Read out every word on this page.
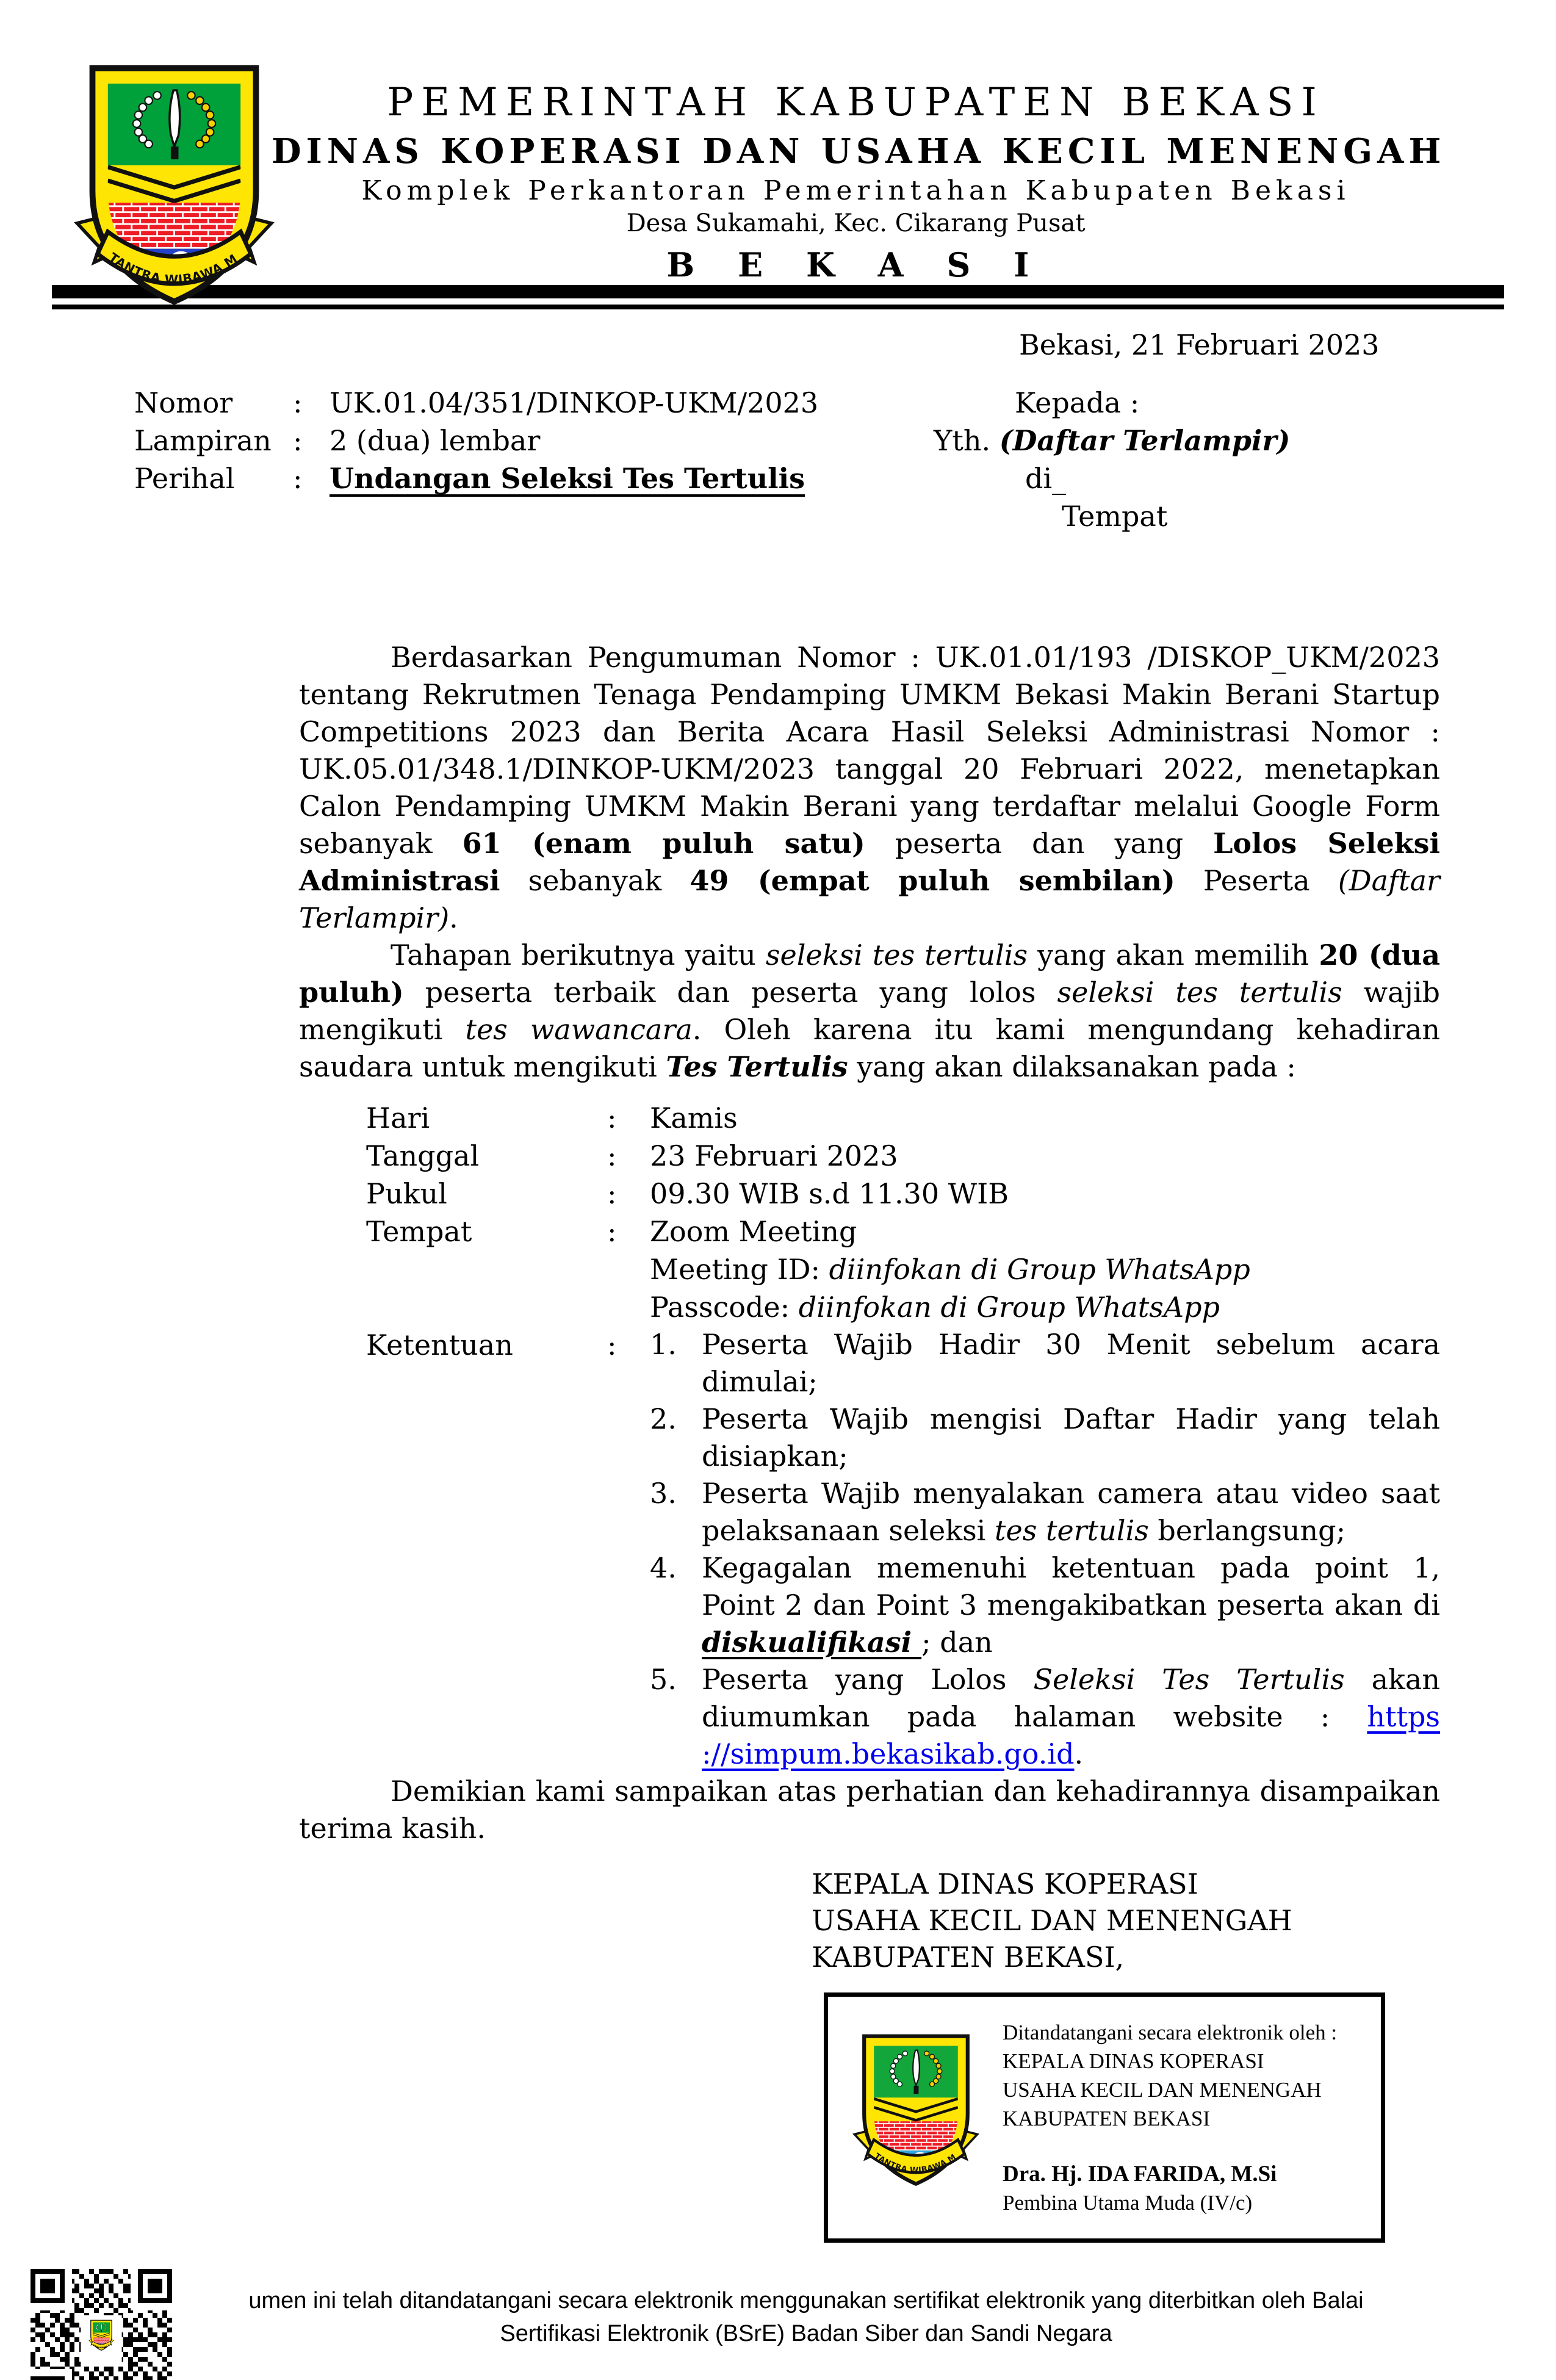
PEMERINTAH KABUPATEN BEKASI
DINAS KOPERASI DAN USAHA KECIL MENENGAH
Komplek Perkantoran Pemerintahan Kabupaten Bekasi
Desa Sukamahi, Kec. Cikarang Pusat
B E K A S I
Bekasi, 21 Februari 2023
Nomor	: UK.01.04/351/DINKOP-UKM/2023
Lampiran : 2 (dua) lembar
Perihal	: Undangan Seleksi Tes Tertulis
Kepada :
Yth. (Daftar Terlampir)
di_
Tempat

Berdasarkan Pengumuman Nomor : UK.01.01/193 /DISKOP_UKM/2023 tentang Rekrutmen Tenaga Pendamping UMKM Bekasi Makin Berani Startup Competitions 2023 dan Berita Acara Hasil Seleksi Administrasi Nomor : UK.05.01/348.1/DINKOP-UKM/2023 tanggal 20 Februari 2022, menetapkan Calon Pendamping UMKM Makin Berani yang terdaftar melalui Google Form sebanyak 61 (enam puluh satu) peserta dan yang Lolos Seleksi Administrasi sebanyak 49 (empat puluh sembilan) Peserta (Daftar Terlampir).

Tahapan berikutnya yaitu seleksi tes tertulis yang akan memilih 20 (dua puluh) peserta terbaik dan peserta yang lolos seleksi tes tertulis wajib mengikuti tes wawancara. Oleh karena itu kami mengundang kehadiran saudara untuk mengikuti Tes Tertulis yang akan dilaksanakan pada :

Hari	:	Kamis
Tanggal	:	23 Februari 2023
Pukul	:	09.30 WIB s.d 11.30 WIB
Tempat	:	Zoom Meeting
Meeting ID: diinfokan di Group WhatsApp
Passcode: diinfokan di Group WhatsApp
Ketentuan	:	1. Peserta Wajib Hadir 30 Menit sebelum acara dimulai;
2. Peserta Wajib mengisi Daftar Hadir yang telah disiapkan;
3. Peserta Wajib menyalakan camera atau video saat pelaksanaan seleksi tes tertulis berlangsung;
4. Kegagalan memenuhi ketentuan pada point 1, Point 2 dan Point 3 mengakibatkan peserta akan di diskualifikasi ; dan
5. Peserta yang Lolos Seleksi Tes Tertulis akan diumumkan pada halaman website : https ://simpum.bekasikab.go.id.

Demikian kami sampaikan atas perhatian dan kehadirannya disampaikan terima kasih.

KEPALA DINAS KOPERASI
USAHA KECIL DAN MENENGAH
KABUPATEN BEKASI,
Ditandatangani secara elektronik oleh :
KEPALA DINAS KOPERASI
USAHA KECIL DAN MENENGAH
KABUPATEN BEKASI
Dra. Hj. IDA FARIDA, M.Si
Pembina Utama Muda (IV/c)
umen ini telah ditandatangani secara elektronik menggunakan sertifikat elektronik yang diterbitkan oleh Balai
Sertifikasi Elektronik (BSrE) Badan Siber dan Sandi Negara
